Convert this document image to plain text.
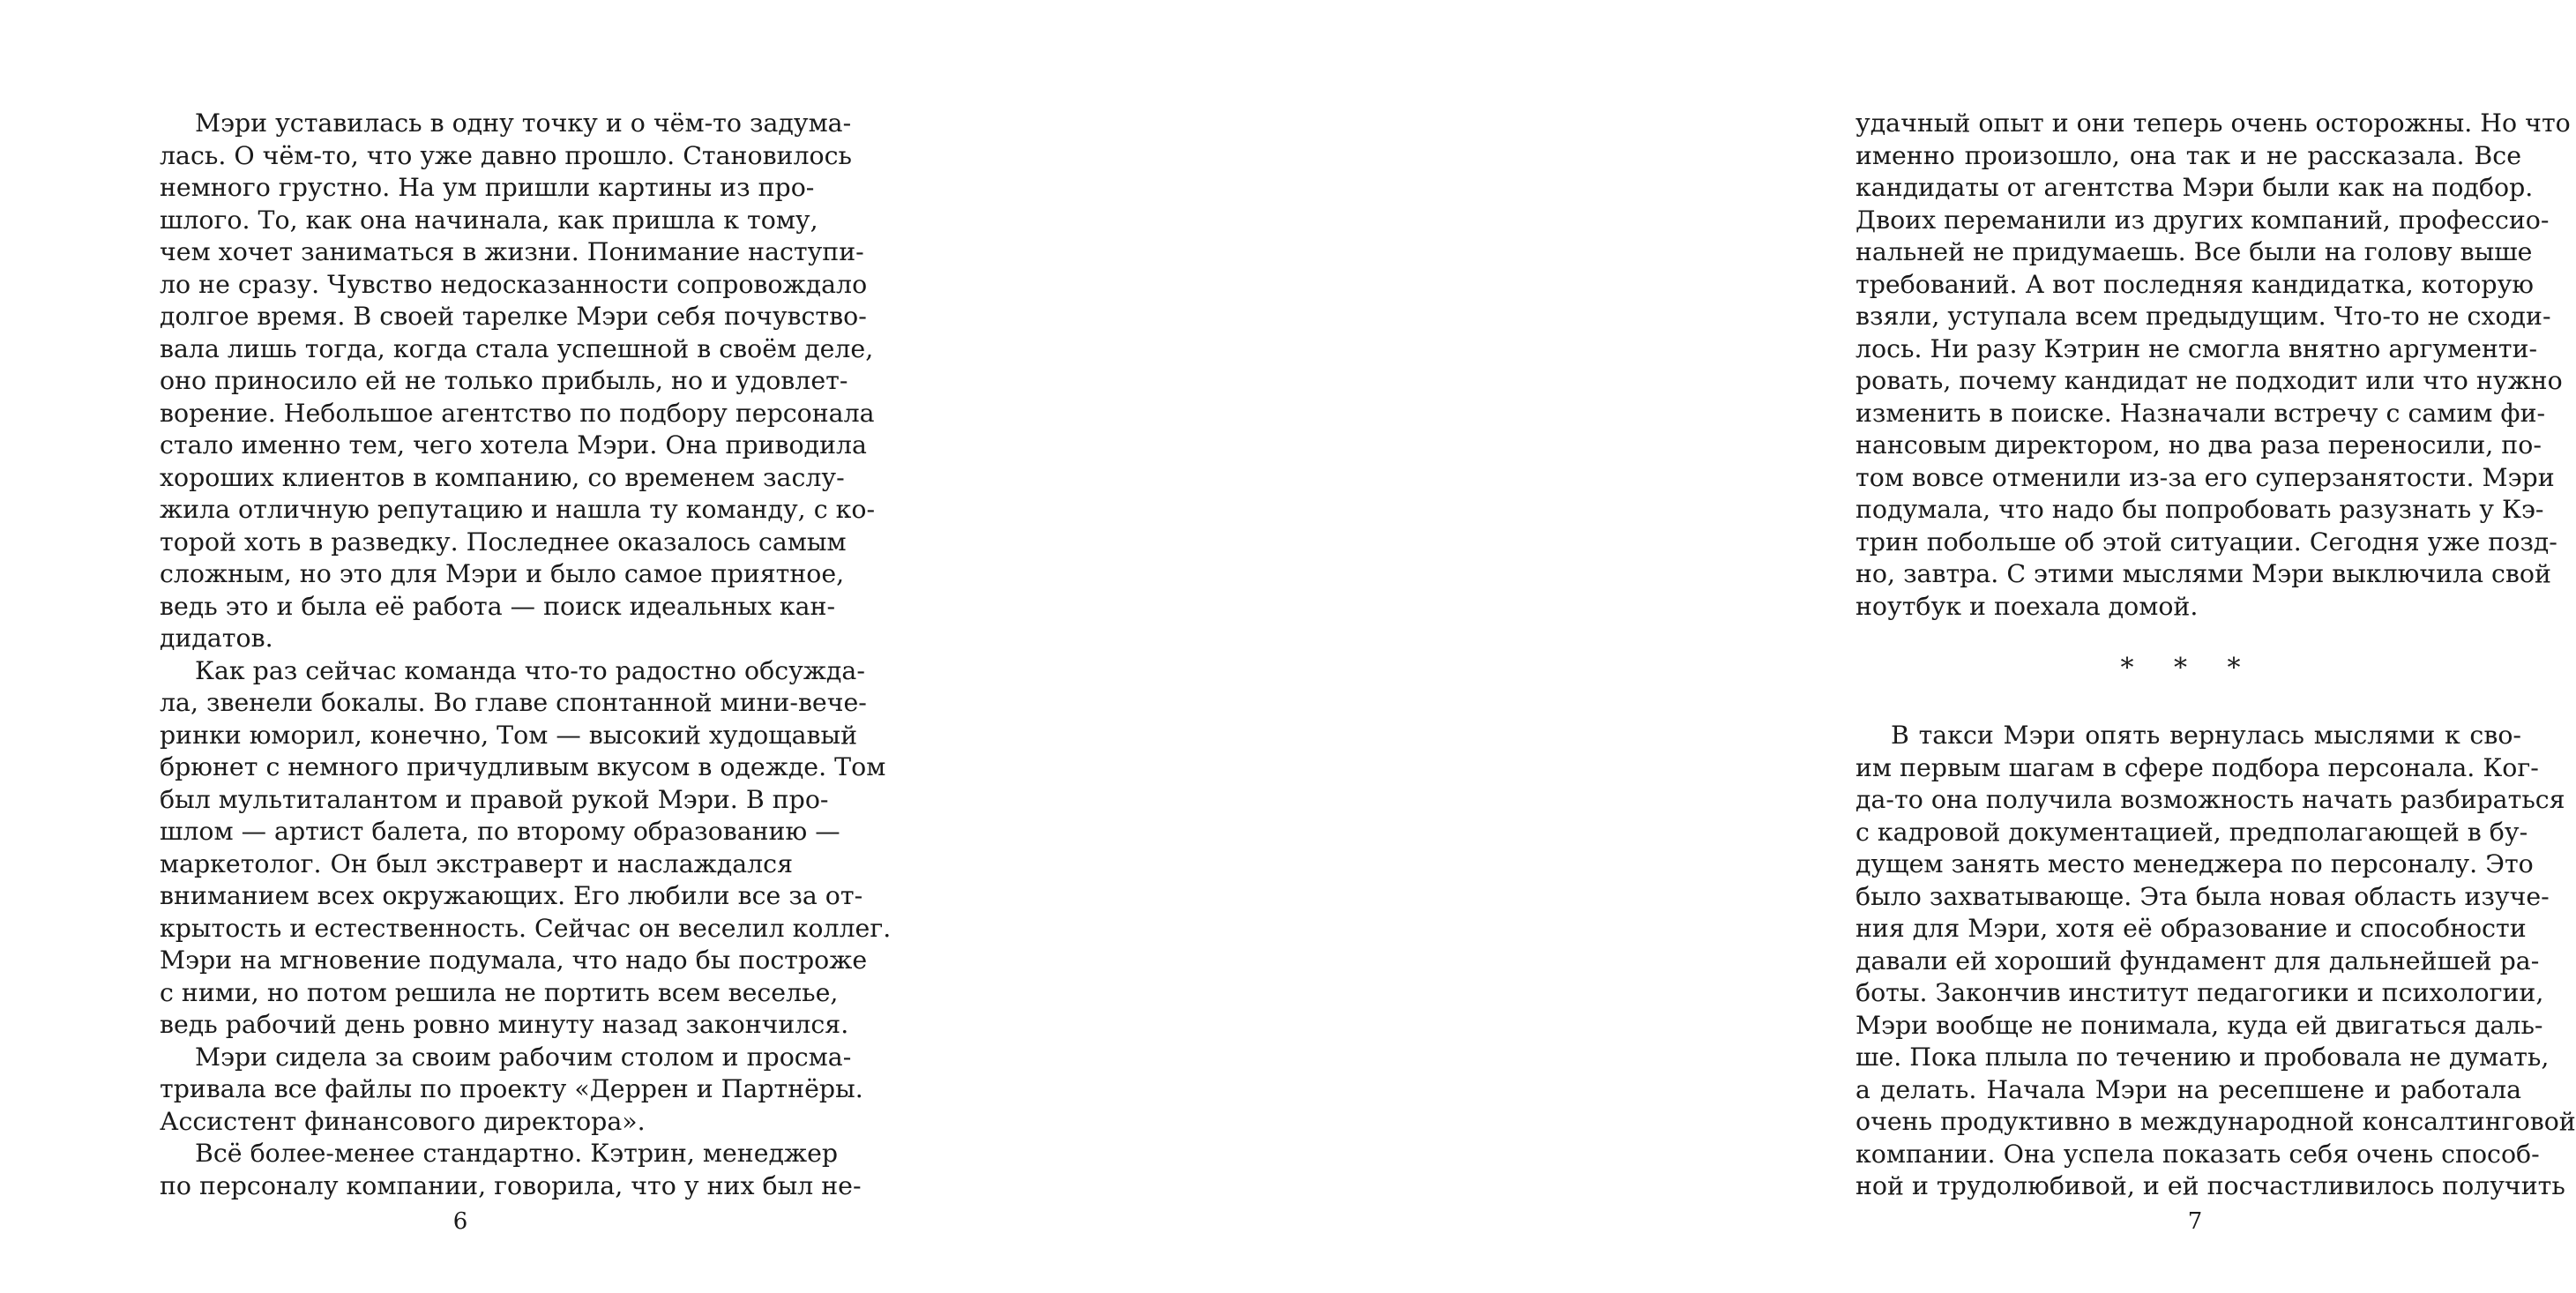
Мэри уставилась в одну точку и о чём-то задума-
лась. О чём-то, что уже давно прошло. Становилось
немного грустно. На ум пришли картины из про-
шлого. То, как она начинала, как пришла к тому,
чем хочет заниматься в жизни. Понимание наступи-
ло не сразу. Чувство недосказанности сопровождало
долгое время. В своей тарелке Мэри себя почувство-
вала лишь тогда, когда стала успешной в своём деле,
оно приносило ей не только прибыль, но и удовлет-
ворение. Небольшое агентство по подбору персонала
стало именно тем, чего хотела Мэри. Она приводила
хороших клиентов в компанию, со временем заслу-
жила отличную репутацию и нашла ту команду, с ко-
торой хоть в разведку. Последнее оказалось самым
сложным, но это для Мэри и было самое приятное,
ведь это и была её работа — поиск идеальных кан-
дидатов.
Как раз сейчас команда что-то радостно обсужда-
ла, звенели бокалы. Во главе спонтанной мини-вече-
ринки юморил, конечно, Том — высокий худощавый
брюнет с немного причудливым вкусом в одежде. Том
был мультиталантом и правой рукой Мэри. В про-
шлом — артист балета, по второму образованию —
маркетолог. Он был экстраверт и наслаждался
вниманием всех окружающих. Его любили все за от-
крытость и естественность. Сейчас он веселил коллег.
Мэри на мгновение подумала, что надо бы построже
с ними, но потом решила не портить всем веселье,
ведь рабочий день ровно минуту назад закончился.
Мэри сидела за своим рабочим столом и просма-
тривала все файлы по проекту «Деррен и Партнёры.
Ассистент финансового директора».
Всё более-менее стандартно. Кэтрин, менеджер
по персоналу компании, говорила, что у них был не-
6
удачный опыт и они теперь очень осторожны. Но что
именно произошло, она так и не рассказала. Все
кандидаты от агентства Мэри были как на подбор.
Двоих переманили из других компаний, профессио-
нальней не придумаешь. Все были на голову выше
требований. А вот последняя кандидатка, которую
взяли, уступала всем предыдущим. Что-то не сходи-
лось. Ни разу Кэтрин не смогла внятно аргументи-
ровать, почему кандидат не подходит или что нужно
изменить в поиске. Назначали встречу с самим фи-
нансовым директором, но два раза переносили, по-
том вовсе отменили из-за его суперзанятости. Мэри
подумала, что надо бы попробовать разузнать у Кэ-
трин побольше об этой ситуации. Сегодня уже позд-
но, завтра. С этими мыслями Мэри выключила свой
ноутбук и поехала домой.
* * *
В такси Мэри опять вернулась мыслями к сво-
им первым шагам в сфере подбора персонала. Ког-
да-то она получила возможность начать разбираться
с кадровой документацией, предполагающей в бу-
дущем занять место менеджера по персоналу. Это
было захватывающе. Эта была новая область изуче-
ния для Мэри, хотя её образование и способности
давали ей хороший фундамент для дальнейшей ра-
боты. Закончив институт педагогики и психологии,
Мэри вообще не понимала, куда ей двигаться даль-
ше. Пока плыла по течению и пробовала не думать,
а делать. Начала Мэри на ресепшене и работала
очень продуктивно в международной консалтинговой
компании. Она успела показать себя очень способ-
ной и трудолюбивой, и ей посчастливилось получить
7
